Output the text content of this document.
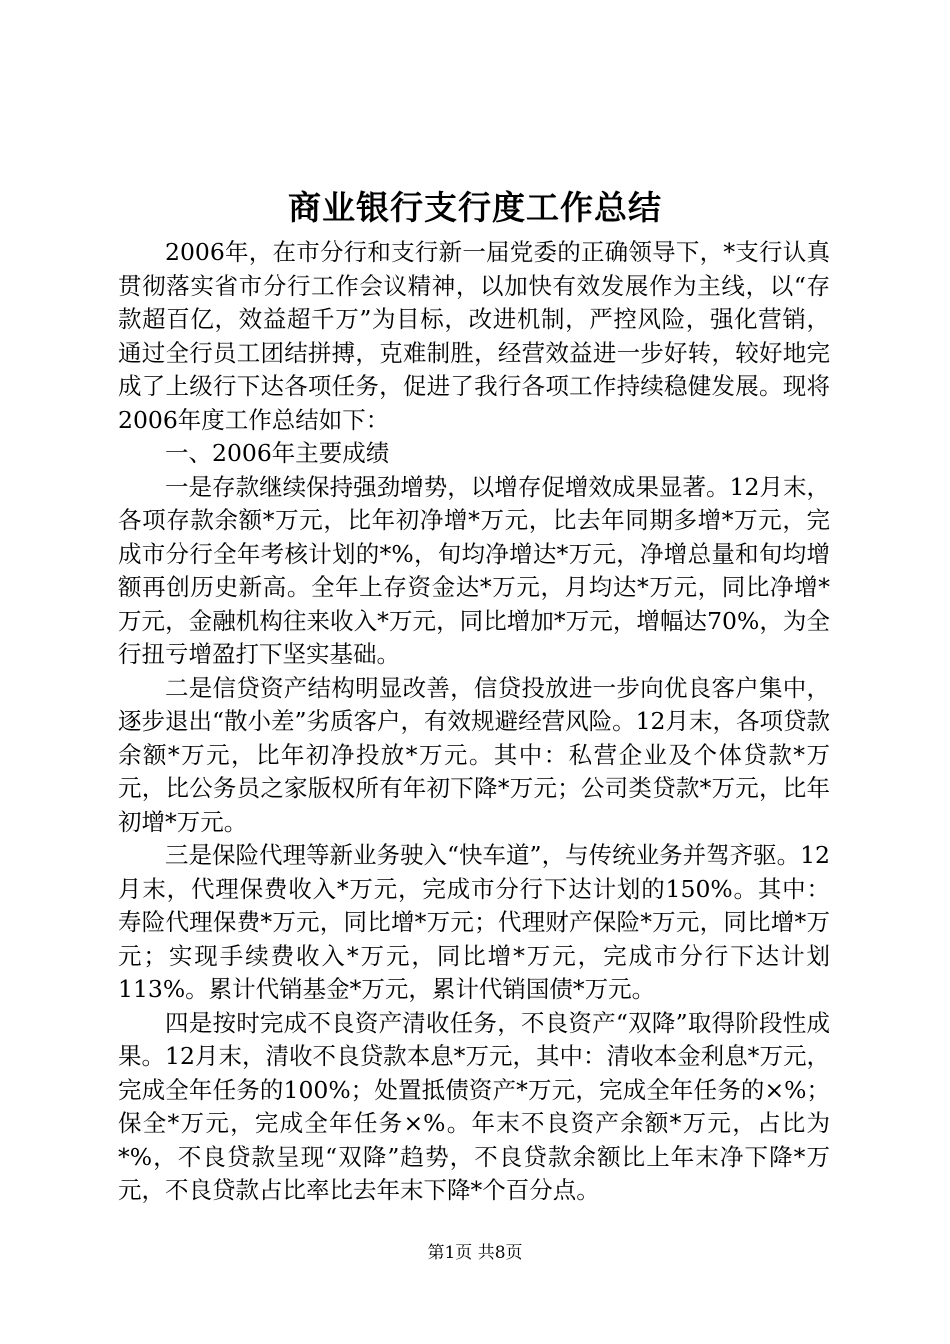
商业银行支行度工作总结

2006年，在市分行和支行新一届党委的正确领导下，*支行认真贯彻落实省市分行工作会议精神，以加快有效发展作为主线，以“存款超百亿，效益超千万”为目标，改进机制，严控风险，强化营销，通过全行员工团结拼搏，克难制胜，经营效益进一步好转，较好地完成了上级行下达各项任务，促进了我行各项工作持续稳健发展。现将2006年度工作总结如下：

一、2006年主要成绩

一是存款继续保持强劲增势，以增存促增效成果显著。12月末，各项存款余额*万元，比年初净增*万元，比去年同期多增*万元，完成市分行全年考核计划的*%，旬均净增达*万元，净增总量和旬均增额再创历史新高。全年上存资金达*万元，月均达*万元，同比净增*万元，金融机构往来收入*万元，同比增加*万元，增幅达70%，为全行扭亏增盈打下坚实基础。

二是信贷资产结构明显改善，信贷投放进一步向优良客户集中，逐步退出“散小差”劣质客户，有效规避经营风险。12月末，各项贷款余额*万元，比年初净投放*万元。其中：私营企业及个体贷款*万元，比公务员之家版权所有年初下降*万元；公司类贷款*万元，比年初增*万元。

三是保险代理等新业务驶入“快车道”，与传统业务并驾齐驱。12月末，代理保费收入*万元，完成市分行下达计划的150%。其中：寿险代理保费*万元，同比增*万元；代理财产保险*万元，同比增*万元；实现手续费收入*万元，同比增*万元，完成市分行下达计划113%。累计代销基金*万元，累计代销国债*万元。

四是按时完成不良资产清收任务，不良资产“双降”取得阶段性成果。12月末，清收不良贷款本息*万元，其中：清收本金利息*万元，完成全年任务的100%；处置抵债资产*万元，完成全年任务的×%；保全*万元，完成全年任务×%。年末不良资产余额*万元，占比为*%，不良贷款呈现“双降”趋势，不良贷款余额比上年末净下降*万元，不良贷款占比率比去年末下降*个百分点。

第1页 共8页
